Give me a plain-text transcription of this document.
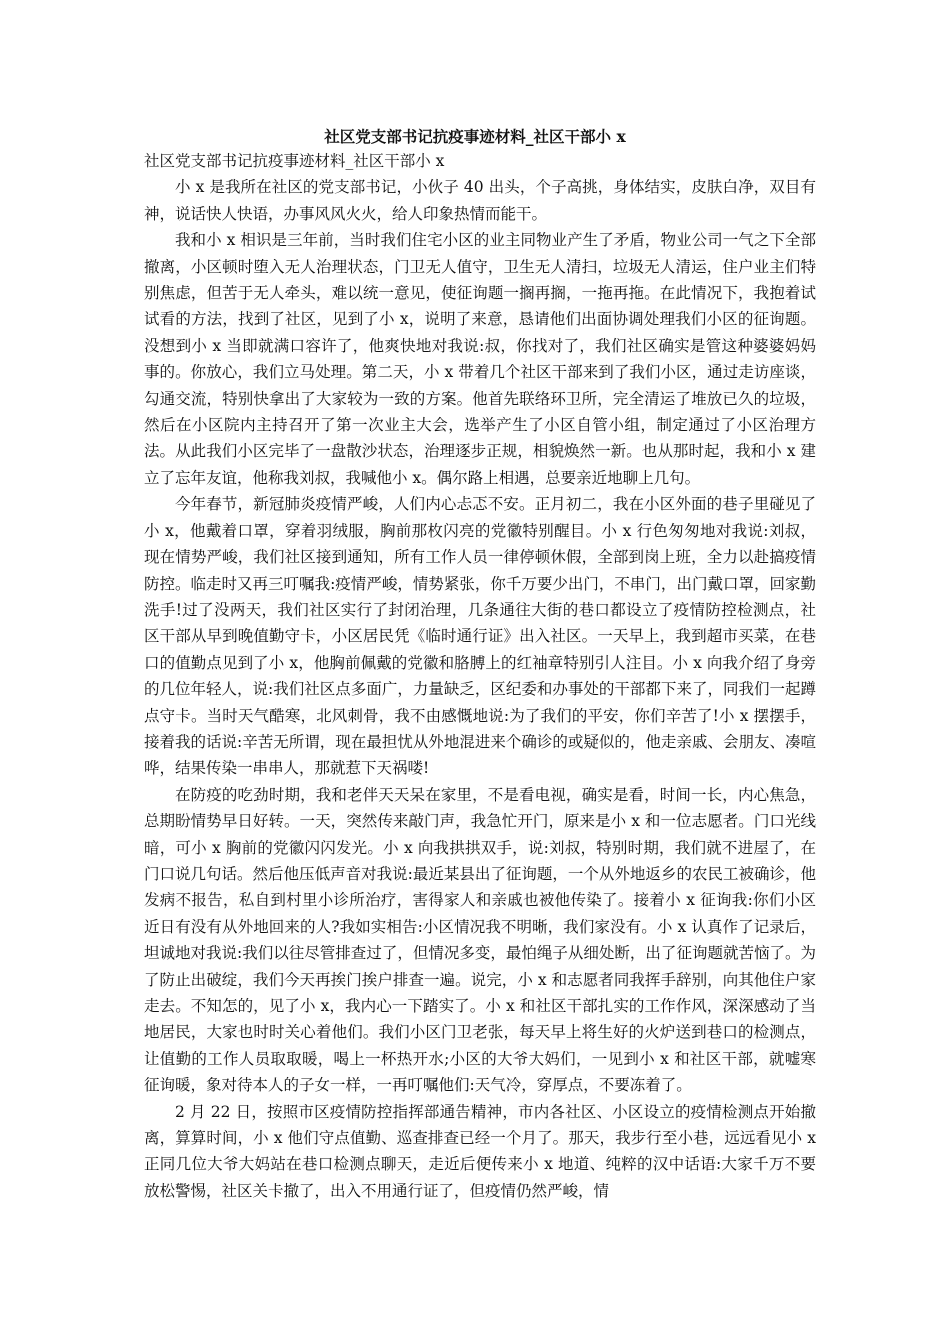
社区党支部书记抗疫事迹材料_社区干部小 x

社区党支部书记抗疫事迹材料_社区干部小 x

小 x 是我所在社区的党支部书记，小伙子 40 出头，个子高挑，身体结实，皮肤白净，双目有神，说话快人快语，办事风风火火，给人印象热情而能干。

我和小 x 相识是三年前，当时我们住宅小区的业主同物业产生了矛盾，物业公司一气之下全部撤离，小区顿时堕入无人治理状态，门卫无人值守，卫生无人清扫，垃圾无人清运，住户业主们特别焦虑，但苦于无人牵头，难以统一意见，使征询题一搁再搁，一拖再拖。在此情况下，我抱着试试看的方法，找到了社区，见到了小 x，说明了来意，恳请他们出面协调处理我们小区的征询题。没想到小 x 当即就满口容许了，他爽快地对我说:叔，你找对了，我们社区确实是管这种婆婆妈妈事的。你放心，我们立马处理。第二天，小 x 带着几个社区干部来到了我们小区，通过走访座谈，勾通交流，特别快拿出了大家较为一致的方案。他首先联络环卫所，完全清运了堆放已久的垃圾，然后在小区院内主持召开了第一次业主大会，选举产生了小区自管小组，制定通过了小区治理方法。从此我们小区完毕了一盘散沙状态，治理逐步正规，相貌焕然一新。也从那时起，我和小 x 建立了忘年友谊，他称我刘叔，我喊他小 x。偶尔路上相遇，总要亲近地聊上几句。

今年春节，新冠肺炎疫情严峻，人们内心忐忑不安。正月初二，我在小区外面的巷子里碰见了小 x，他戴着口罩，穿着羽绒服，胸前那枚闪亮的党徽特别醒目。小 x 行色匆匆地对我说:刘叔，现在情势严峻，我们社区接到通知，所有工作人员一律停顿休假，全部到岗上班，全力以赴搞疫情防控。临走时又再三叮嘱我:疫情严峻，情势紧张，你千万要少出门，不串门，出门戴口罩，回家勤洗手!过了没两天，我们社区实行了封闭治理，几条通往大街的巷口都设立了疫情防控检测点，社区干部从早到晚值勤守卡，小区居民凭《临时通行证》出入社区。一天早上，我到超市买菜，在巷口的值勤点见到了小 x，他胸前佩戴的党徽和胳膊上的红袖章特别引人注目。小 x 向我介绍了身旁的几位年轻人，说:我们社区点多面广，力量缺乏，区纪委和办事处的干部都下来了，同我们一起蹲点守卡。当时天气酷寒，北风刺骨，我不由感慨地说:为了我们的平安，你们辛苦了!小 x 摆摆手，接着我的话说:辛苦无所谓，现在最担忧从外地混进来个确诊的或疑似的，他走亲戚、会朋友、凑喧哗，结果传染一串串人，那就惹下天祸喽!

在防疫的吃劲时期，我和老伴天天呆在家里，不是看电视，确实是看，时间一长，内心焦急，总期盼情势早日好转。一天，突然传来敲门声，我急忙开门，原来是小 x 和一位志愿者。门口光线暗，可小 x 胸前的党徽闪闪发光。小 x 向我拱拱双手，说:刘叔，特别时期，我们就不进屋了，在门口说几句话。然后他压低声音对我说:最近某县出了征询题，一个从外地返乡的农民工被确诊，他发病不报告，私自到村里小诊所治疗，害得家人和亲戚也被他传染了。接着小 x 征询我:你们小区近日有没有从外地回来的人?我如实相告:小区情况我不明晰，我们家没有。小 x 认真作了记录后，坦诚地对我说:我们以往尽管排查过了，但情况多变，最怕绳子从细处断，出了征询题就苦恼了。为了防止出破绽，我们今天再挨门挨户排查一遍。说完，小 x 和志愿者同我挥手辞别，向其他住户家走去。不知怎的，见了小 x，我内心一下踏实了。小 x 和社区干部扎实的工作作风，深深感动了当地居民，大家也时时关心着他们。我们小区门卫老张，每天早上将生好的火炉送到巷口的检测点，让值勤的工作人员取取暖，喝上一杯热开水;小区的大爷大妈们，一见到小 x 和社区干部，就嘘寒征询暖，象对待本人的子女一样，一再叮嘱他们:天气冷，穿厚点，不要冻着了。

2 月 22 日，按照市区疫情防控指挥部通告精神，市内各社区、小区设立的疫情检测点开始撤离，算算时间，小 x 他们守点值勤、巡查排查已经一个月了。那天，我步行至小巷，远远看见小 x 正同几位大爷大妈站在巷口检测点聊天，走近后便传来小 x 地道、纯粹的汉中话语:大家千万不要放松警惕，社区关卡撤了，出入不用通行证了，但疫情仍然严峻，情
